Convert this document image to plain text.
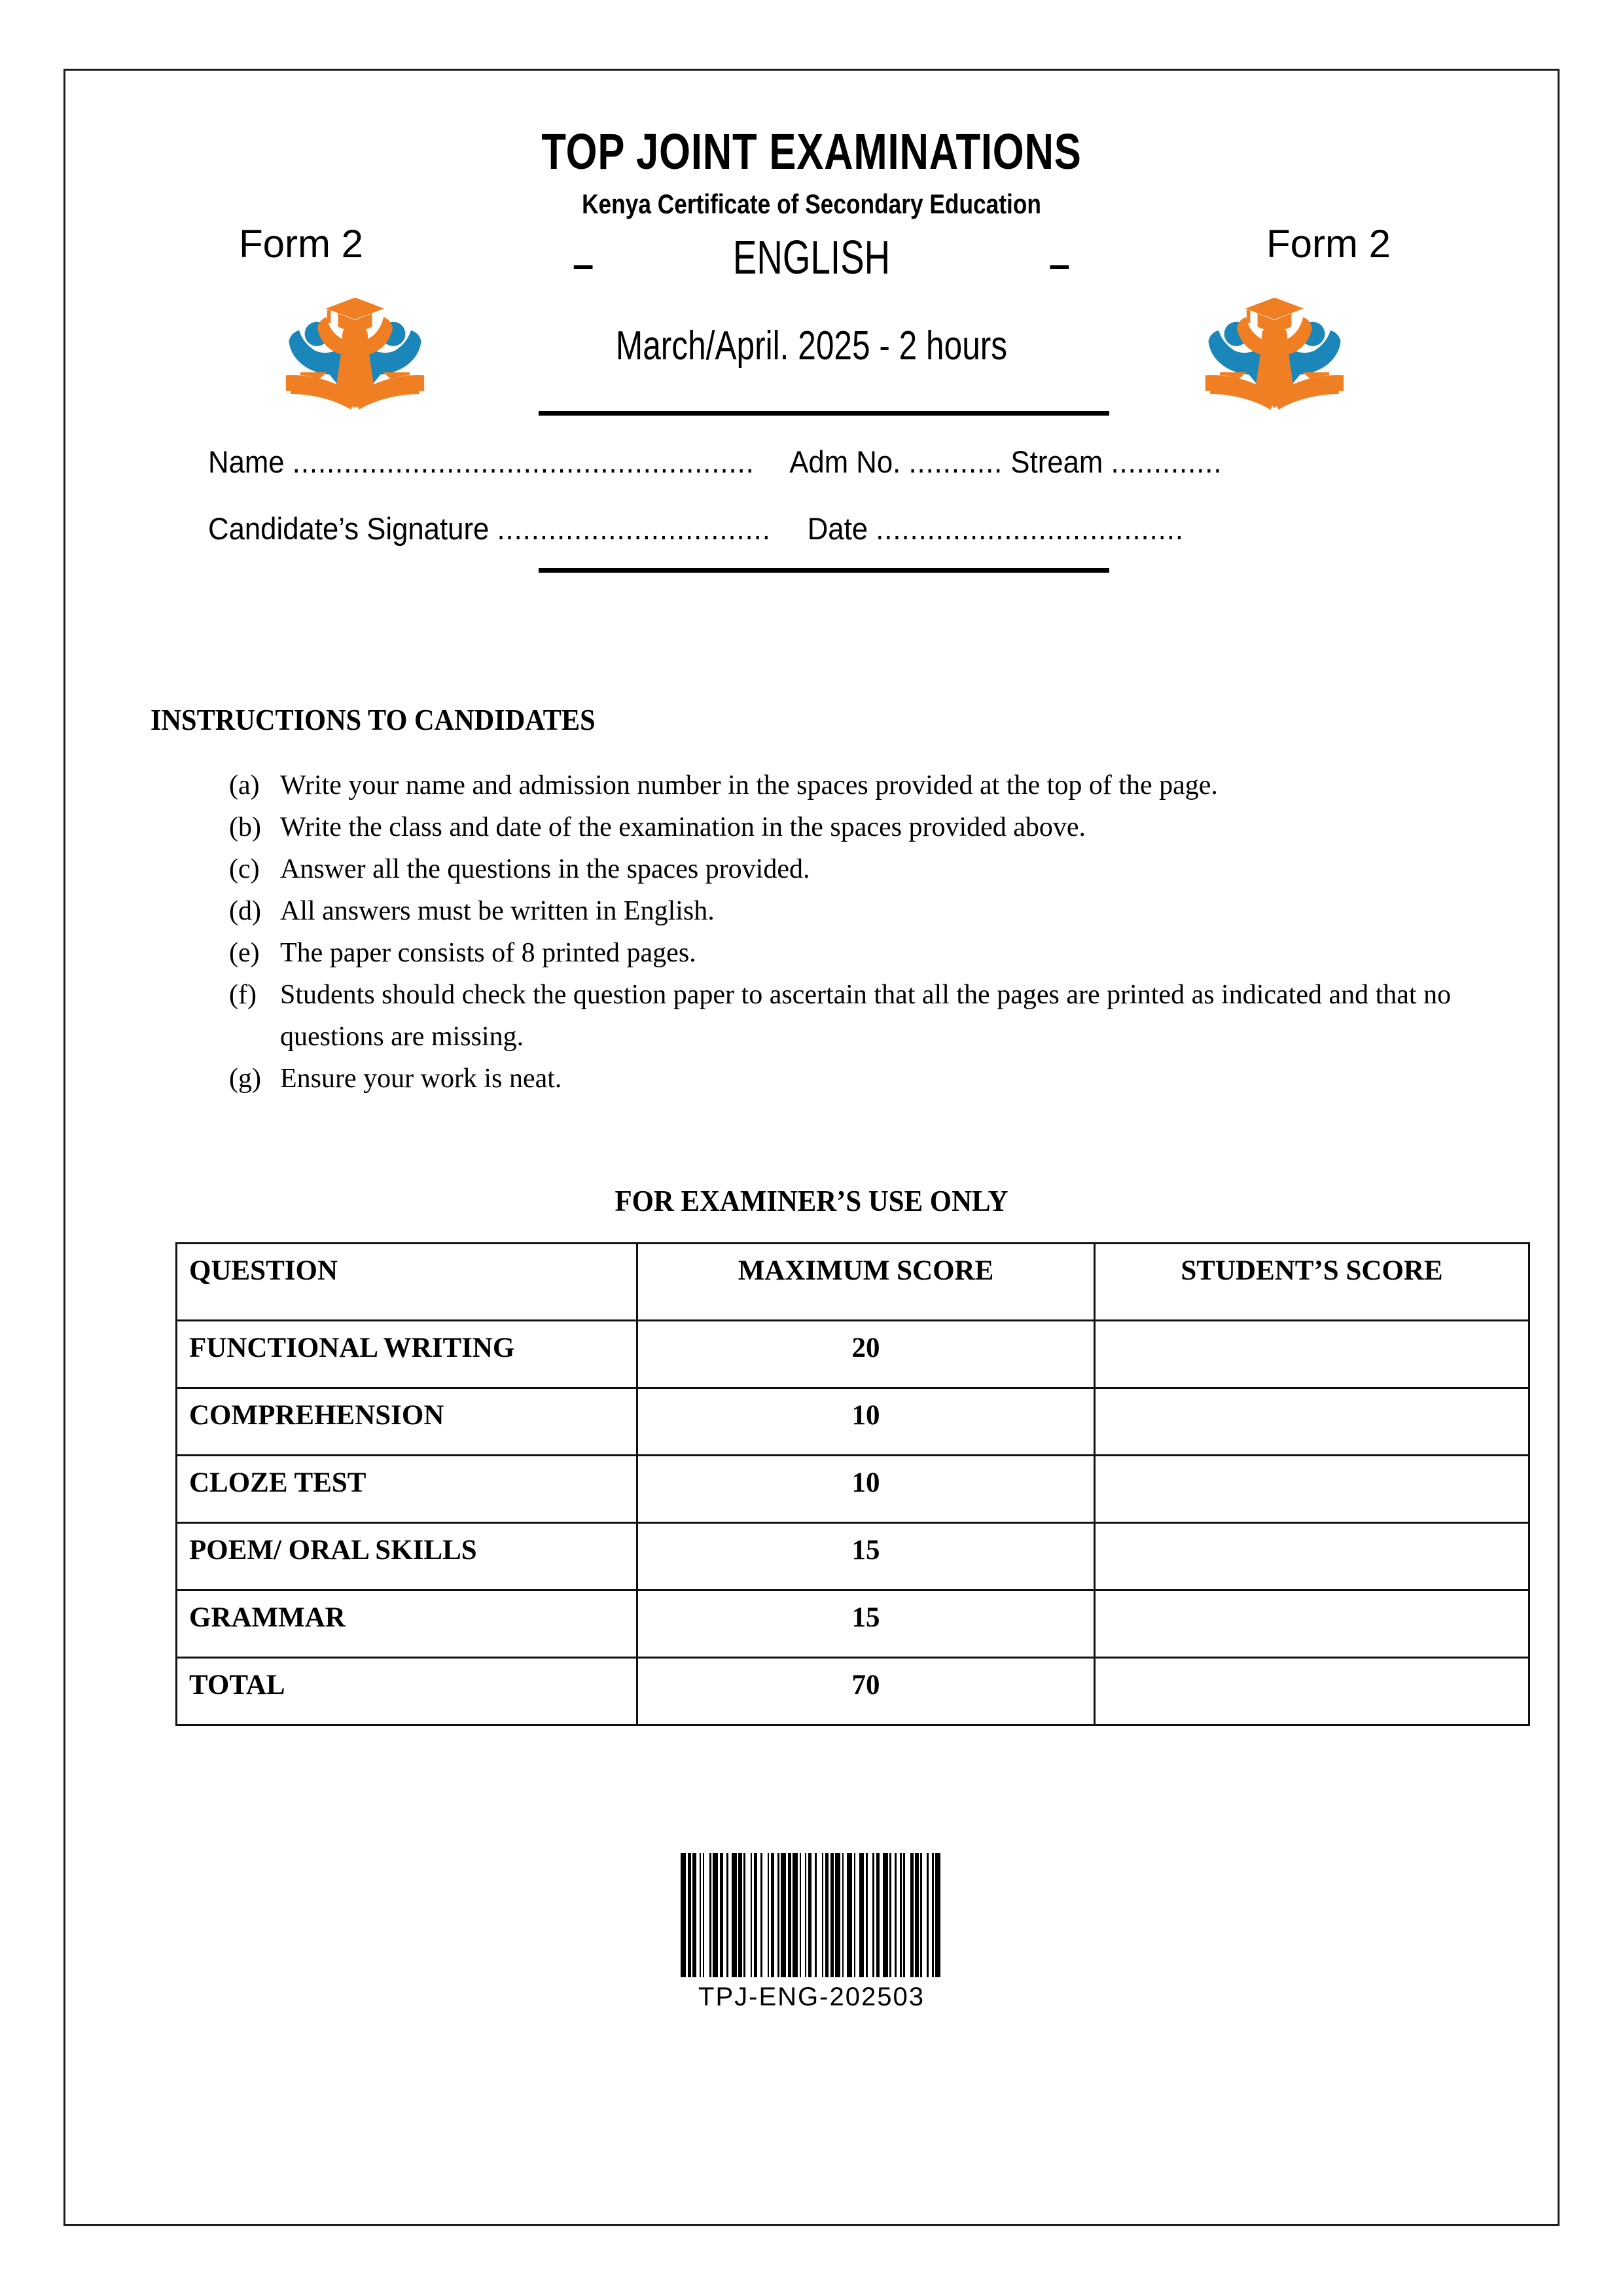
TOP JOINT EXAMINATIONS
Kenya Certificate of Secondary Education
Form 2	Form 2
–	–
ENGLISH
March/April. 2025 - 2 hours
Name ...................................................... Adm No. ........... Stream .............
Candidate’s Signature ................................ Date ....................................
INSTRUCTIONS TO CANDIDATES
(a) Write your name and admission number in the spaces provided at the top of the page.
(b) Write the class and date of the examination in the spaces provided above.
(c) Answer all the questions in the spaces provided.
(d) All answers must be written in English.
(e) The paper consists of 8 printed pages.
(f) Students should check the question paper to ascertain that all the pages are printed as indicated and that no questions are missing.
(g) Ensure your work is neat.
FOR EXAMINER’S USE ONLY
QUESTION	MAXIMUM SCORE	STUDENT’S SCORE
FUNCTIONAL WRITING	20	
COMPREHENSION	10	
CLOZE TEST	10	
POEM/ ORAL SKILLS	15	
GRAMMAR	15	
TOTAL	70	
TPJ-ENG-202503
